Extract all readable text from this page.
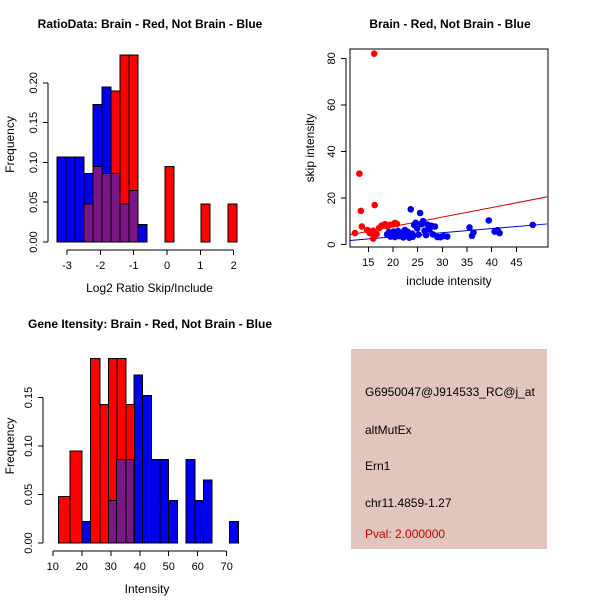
RatioData: Brain - Red, Not Brain - Blue
-3 -2 -1 0 1 2
0.00
0.05
0.10
0.15
0.20
Log2 Ratio Skip/Include
Frequency
Brain - Red, Not Brain - Blue
15 20 25 30 35 40 45
0
20
40
60
80
include intensity
skip intensity
Gene Itensity: Brain - Red, Not Brain - Blue
10 20 30 40 50 60 70
0.00
0.05
0.10
0.15
Intensity
Frequency
G6950047@J914533_RC@j_at
altMutEx
Ern1
chr11.4859-1.27
Pval: 2.000000
